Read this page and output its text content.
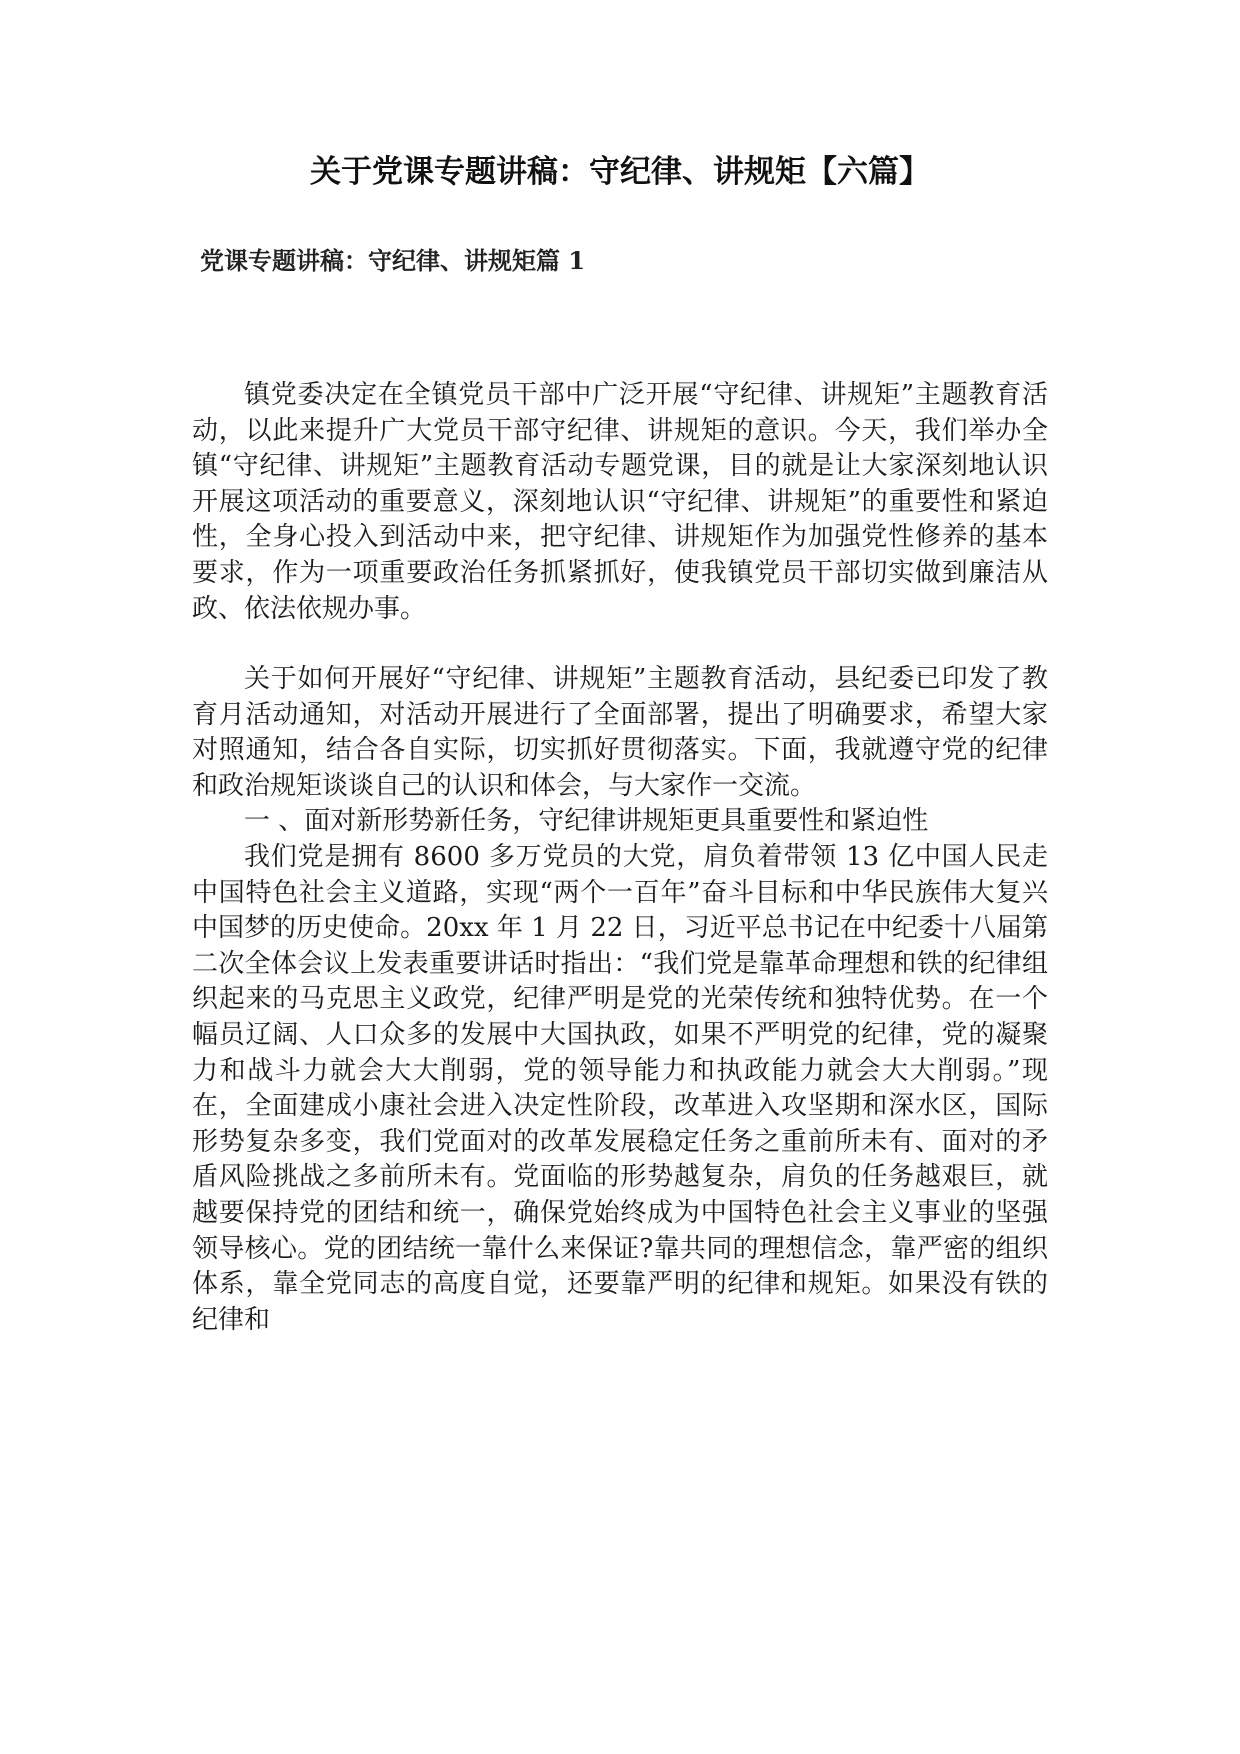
关于党课专题讲稿：守纪律、讲规矩【六篇】
党课专题讲稿：守纪律、讲规矩篇 1

镇党委决定在全镇党员干部中广泛开展“守纪律、讲规矩”主题教育活动，以此来提升广大党员干部守纪律、讲规矩的意识。今天，我们举办全镇“守纪律、讲规矩”主题教育活动专题党课，目的就是让大家深刻地认识开展这项活动的重要意义，深刻地认识“守纪律、讲规矩”的重要性和紧迫性，全身心投入到活动中来，把守纪律、讲规矩作为加强党性修养的基本要求，作为一项重要政治任务抓紧抓好，使我镇党员干部切实做到廉洁从政、依法依规办事。

关于如何开展好“守纪律、讲规矩”主题教育活动，县纪委已印发了教育月活动通知，对活动开展进行了全面部署，提出了明确要求，希望大家对照通知，结合各自实际，切实抓好贯彻落实。下面，我就遵守党的纪律和政治规矩谈谈自己的认识和体会，与大家作一交流。

一 、面对新形势新任务，守纪律讲规矩更具重要性和紧迫性

我们党是拥有 8600 多万党员的大党，肩负着带领 13 亿中国人民走中国特色社会主义道路，实现“两个一百年”奋斗目标和中华民族伟大复兴中国梦的历史使命。20xx 年 1 月 22 日，习近平总书记在中纪委十八届第二次全体会议上发表重要讲话时指出：“我们党是靠革命理想和铁的纪律组织起来的马克思主义政党，纪律严明是党的光荣传统和独特优势。在一个幅员辽阔、人口众多的发展中大国执政，如果不严明党的纪律，党的凝聚力和战斗力就会大大削弱，党的领导能力和执政能力就会大大削弱。”现在，全面建成小康社会进入决定性阶段，改革进入攻坚期和深水区，国际形势复杂多变，我们党面对的改革发展稳定任务之重前所未有、面对的矛盾风险挑战之多前所未有。党面临的形势越复杂，肩负的任务越艰巨，就越要保持党的团结和统一，确保党始终成为中国特色社会主义事业的坚强领导核心。党的团结统一靠什么来保证?靠共同的理想信念，靠严密的组织体系，靠全党同志的高度自觉，还要靠严明的纪律和规矩。如果没有铁的纪律和
